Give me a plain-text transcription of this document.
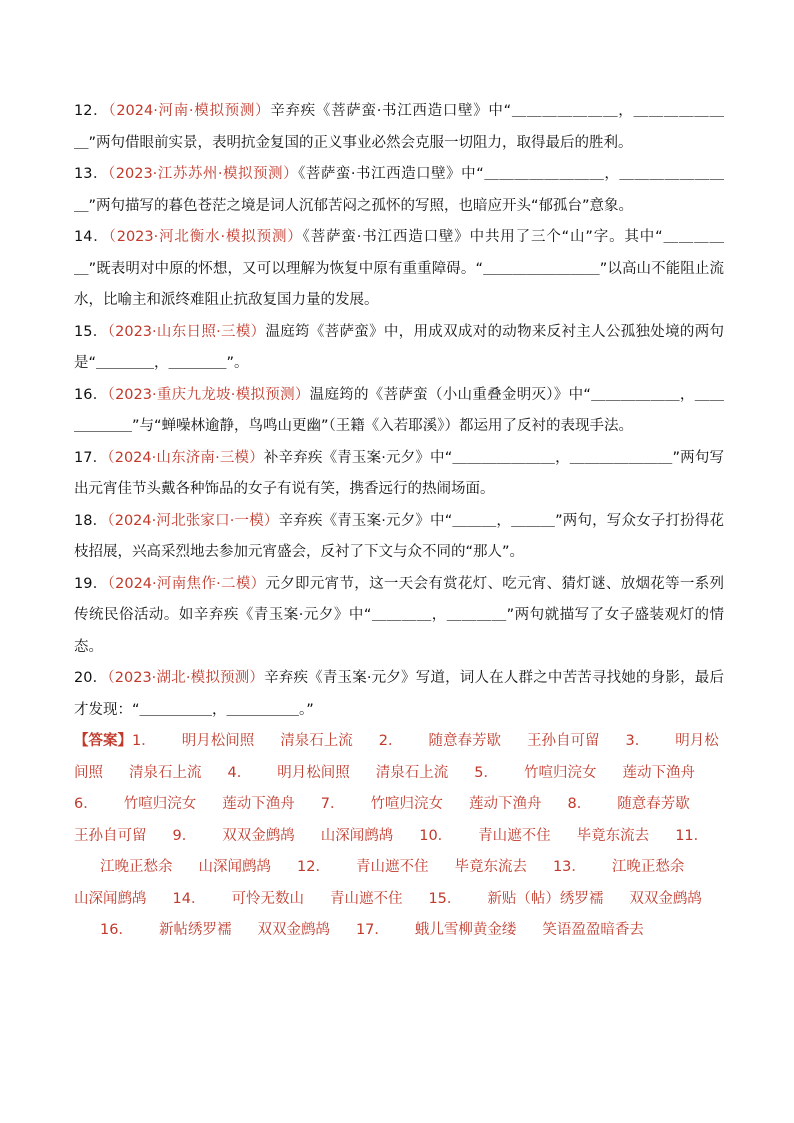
12．（2024·河南·模拟预测）辛弃疾《菩萨蛮·书江西造口壁》中“＿＿＿＿＿＿＿，＿＿＿＿＿＿＿”两句借眼前实景，表明抗金复国的正义事业必然会克服一切阻力，取得最后的胜利。

13．（2023·江苏苏州·模拟预测）《菩萨蛮·书江西造口壁》中“＿＿＿＿＿＿＿＿，＿＿＿＿＿＿＿＿”两句描写的暮色苍茫之境是词人沉郁苦闷之孤怀的写照，也暗应开头“郁孤台”意象。

14．（2023·河北衡水·模拟预测）《菩萨蛮·书江西造口壁》中共用了三个“山”字。其中“＿＿＿＿＿”既表明对中原的怀想，又可以理解为恢复中原有重重障碍。“＿＿＿＿＿＿＿＿”以高山不能阻止流水，比喻主和派终难阻止抗敌复国力量的发展。

15．（2023·山东日照·三模）温庭筠《菩萨蛮》中，用成双成对的动物来反衬主人公孤独处境的两句是“＿＿＿＿，＿＿＿＿”。

16．（2023·重庆九龙坡·模拟预测）温庭筠的《菩萨蛮（小山重叠金明灭）》中“＿＿＿＿＿＿，＿＿＿＿＿＿”与“蝉噪林逾静，鸟鸣山更幽”（王籍《入若耶溪》）都运用了反衬的表现手法。

17．（2024·山东济南·三模）补辛弃疾《青玉案·元夕》中“＿＿＿＿＿＿＿，＿＿＿＿＿＿＿”两句写出元宵佳节头戴各种饰品的女子有说有笑，携香远行的热闹场面。

18．（2024·河北张家口·一模）辛弃疾《青玉案·元夕》中“＿＿＿，＿＿＿”两句，写众女子打扮得花枝招展，兴高采烈地去参加元宵盛会，反衬了下文与众不同的“那人”。

19．（2024·河南焦作·二模）元夕即元宵节，这一天会有赏花灯、吃元宵、猜灯谜、放烟花等一系列传统民俗活动。如辛弃疾《青玉案·元夕》中“＿＿＿＿，＿＿＿＿”两句就描写了女子盛装观灯的情态。

20．（2023·湖北·模拟预测）辛弃疾《青玉案·元夕》写道，词人在人群之中苦苦寻找她的身影，最后才发现：“＿＿＿＿＿，＿＿＿＿＿。”

【答案】1． 明月松间照 清泉石上流 2． 随意春芳歇 王孙自可留 3． 明月松间照 清泉石上流 4． 明月松间照 清泉石上流 5． 竹喧归浣女 莲动下渔舟6． 竹喧归浣女 莲动下渔舟 7． 竹喧归浣女 莲动下渔舟 8． 随意春芳歇王孙自可留 9． 双双金鹧鸪 山深闻鹧鸪 10． 青山遮不住 毕竟东流去 11．江晚正愁余 山深闻鹧鸪 12． 青山遮不住 毕竟东流去 13． 江晚正愁余山深闻鹧鸪 14． 可怜无数山 青山遮不住 15． 新贴（帖）绣罗襦 双双金鹧鸪16． 新帖绣罗襦 双双金鹧鸪 17． 蛾儿雪柳黄金缕 笑语盈盈暗香去
